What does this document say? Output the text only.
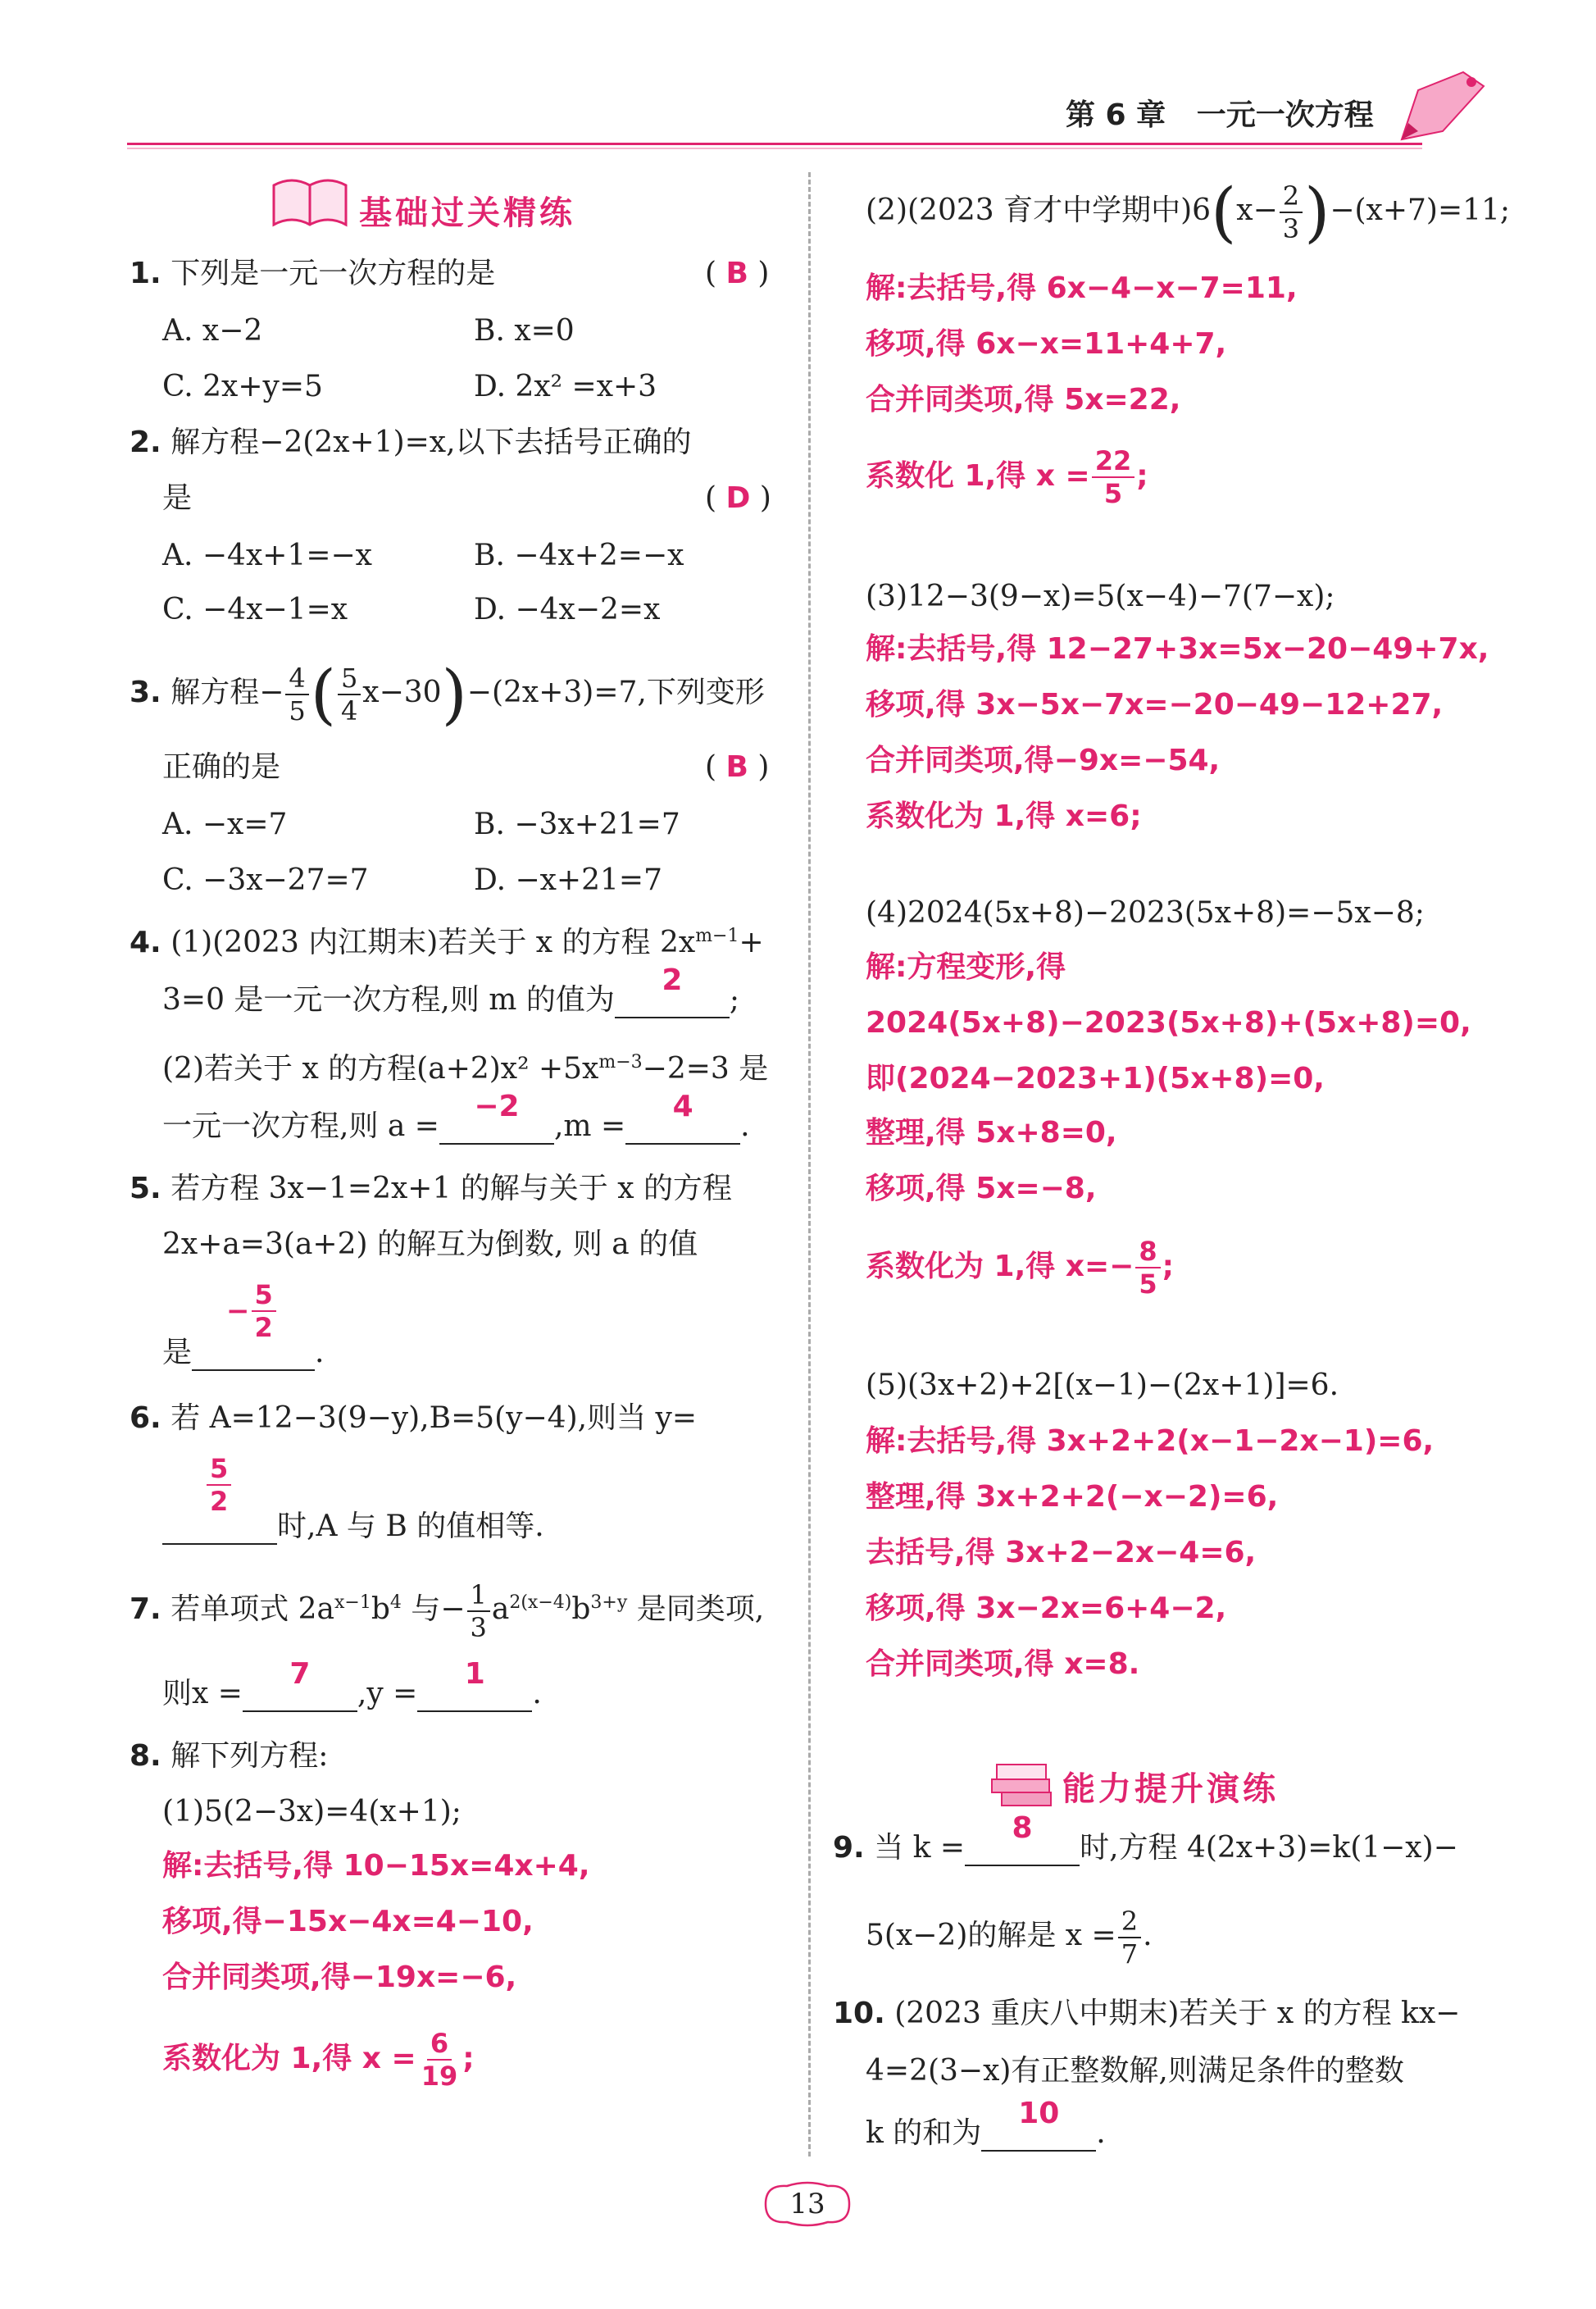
第 6 章 一元一次方程
基础过关精练
1. 下列是一元一次方程的是	( B )
A. x−2	B. x=0
C. 2x+y=5	D. 2x² =x+3
2. 解方程−2(2x+1)=x,以下去括号正确的
是	( D )
A. −4x+1=−x	B. −4x+2=−x
C. −4x−1=x	D. −4x−2=x
3. 解方程− $\frac{4}{5}$ ( $\frac{5}{4} x-30)-(2x+3)=7$,下列变形
正确的是	( B )
A. −x=7	B. −3x+21=7
C. −3x−27=7	D. −x+21=7
4. (1)(2023 内江期末)若关于 x 的方程 $2x^{m-1}+$
3=0 是一元一次方程,则 m 的值为2;
(2)若关于 x 的方程$(a+2)x^2 +5x^{m-3}-2=3$ 是
一元一次方程,则 a =−2,m =4.
5. 若方程 3x−1=2x+1 的解与关于 x 的方程
2x+a=3(a+2) 的解互为倒数, 则 a 的值
− $\frac{5}{2}$
是	.
6. 若 A=12−3(9−y),B=5(y−4),则当 y=
$\frac{5}{2}$
时,A 与 B 的值相等.
7. 若单项式 $2a^{x-1}b^4$ 与− $\frac{1}{3} a^{2(x-4)}b^{3+y}$ 是同类项,
则x =7,y =1.
8. 解下列方程:
(1)5(2−3x)=4(x+1);
解:去括号,得 10−15x=4x+4,
移项,得−15x−4x=4−10,
合并同类项,得−19x=−6,
系数化为 1,得 $x = \frac{6}{19}$ ;
(2)(2023 育才中学期中)$6(x- \frac{2}{3} )-(x+7)=11$;
解:去括号,得 6x−4−x−7=11,
移项,得 6x−x=11+4+7,
合并同类项,得 5x=22,
系数化 1,得 $x = \frac{22}{5}$ ;
(3)12−3(9−x)=5(x−4)−7(7−x);
解:去括号,得 12−27+3x=5x−20−49+7x,
移项,得 3x−5x−7x=−20−49−12+27,
合并同类项,得−9x=−54,
系数化为 1,得 x=6;
(4)2024(5x+8)−2023(5x+8)=−5x−8;
解:方程变形,得
2024(5x+8)−2023(5x+8)+(5x+8)=0,
即(2024−2023+1)(5x+8)=0,
整理,得 5x+8=0,
移项,得 5x=−8,
系数化为 1,得 $x=- \frac{8}{5}$ ;
(5)(3x+2)+2[(x−1)−(2x+1)]=6.
解:去括号,得 3x+2+2(x−1−2x−1)=6,
整理,得 3x+2+2(−x−2)=6,
去括号,得 3x+2−2x−4=6,
移项,得 3x−2x=6+4−2,
合并同类项,得 x=8.
能力提升演练
9. 当 k =8时,方程 4(2x+3)=k(1−x)−
5(x−2)的解是 $x = \frac{2}{7}$ .
10. (2023 重庆八中期末)若关于 x 的方程 kx−
4=2(3−x)有正整数解,则满足条件的整数
k 的和为10.
13
